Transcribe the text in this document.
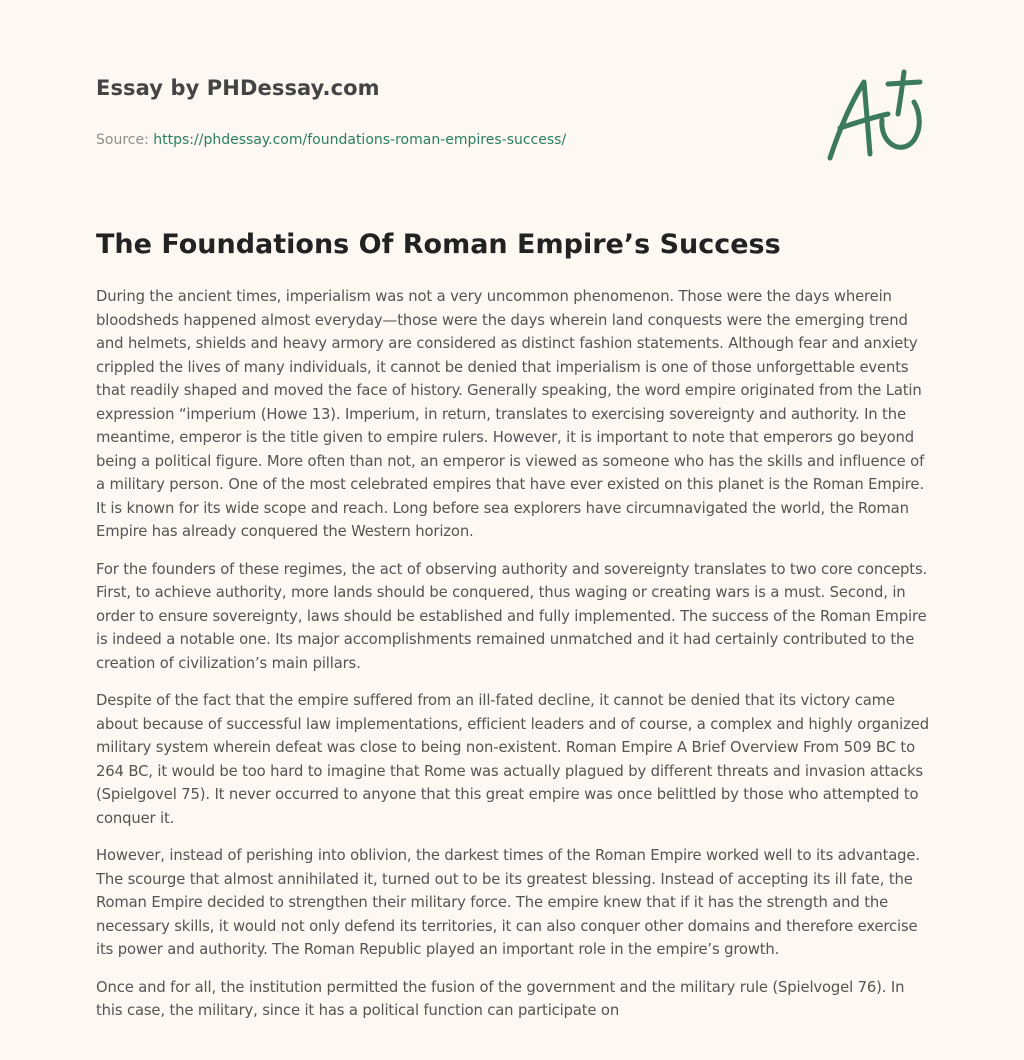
Essay by PHDessay.com
Source: https://phdessay.com/foundations-roman-empires-success/
The Foundations Of Roman Empire’s Success

During the ancient times, imperialism was not a very uncommon phenomenon. Those were the days wherein bloodsheds happened almost everyday—those were the days wherein land conquests were the emerging trend and helmets, shields and heavy armory are considered as distinct fashion statements. Although fear and anxiety crippled the lives of many individuals, it cannot be denied that imperialism is one of those unforgettable events that readily shaped and moved the face of history. Generally speaking, the word empire originated from the Latin expression “imperium (Howe 13). Imperium, in return, translates to exercising sovereignty and authority. In the meantime, emperor is the title given to empire rulers. However, it is important to note that emperors go beyond being a political figure. More often than not, an emperor is viewed as someone who has the skills and influence of a military person. One of the most celebrated empires that have ever existed on this planet is the Roman Empire. It is known for its wide scope and reach. Long before sea explorers have circumnavigated the world, the Roman Empire has already conquered the Western horizon.

For the founders of these regimes, the act of observing authority and sovereignty translates to two core concepts. First, to achieve authority, more lands should be conquered, thus waging or creating wars is a must. Second, in order to ensure sovereignty, laws should be established and fully implemented. The success of the Roman Empire is indeed a notable one. Its major accomplishments remained unmatched and it had certainly contributed to the creation of civilization’s main pillars.

Despite of the fact that the empire suffered from an ill-fated decline, it cannot be denied that its victory came about because of successful law implementations, efficient leaders and of course, a complex and highly organized military system wherein defeat was close to being non-existent. Roman Empire A Brief Overview From 509 BC to 264 BC, it would be too hard to imagine that Rome was actually plagued by different threats and invasion attacks (Spielgovel 75). It never occurred to anyone that this great empire was once belittled by those who attempted to conquer it.

However, instead of perishing into oblivion, the darkest times of the Roman Empire worked well to its advantage. The scourge that almost annihilated it, turned out to be its greatest blessing. Instead of accepting its ill fate, the Roman Empire decided to strengthen their military force. The empire knew that if it has the strength and the necessary skills, it would not only defend its territories, it can also conquer other domains and therefore exercise its power and authority. The Roman Republic played an important role in the empire’s growth.

Once and for all, the institution permitted the fusion of the government and the military rule (Spielvogel 76). In this case, the military, since it has a political function can participate on
